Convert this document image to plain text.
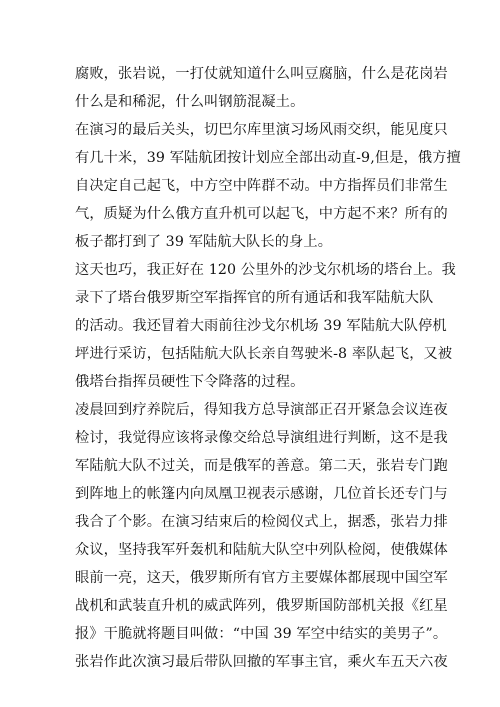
腐败，张岩说，一打仗就知道什么叫豆腐脑，什么是花岗岩
什么是和稀泥，什么叫钢筋混凝土。
在演习的最后关头，切巴尔库里演习场风雨交织，能见度只
有几十米，39 军陆航团按计划应全部出动直-9,但是，俄方擅
自决定自己起飞，中方空中阵群不动。中方指挥员们非常生
气，质疑为什么俄方直升机可以起飞，中方起不来？所有的
板子都打到了 39 军陆航大队长的身上。
这天也巧，我正好在 120 公里外的沙戈尔机场的塔台上。我
录下了塔台俄罗斯空军指挥官的所有通话和我军陆航大队
的活动。我还冒着大雨前往沙戈尔机场 39 军陆航大队停机
坪进行采访，包括陆航大队长亲自驾驶米-8 率队起飞，又被
俄塔台指挥员硬性下令降落的过程。
凌晨回到疗养院后，得知我方总导演部正召开紧急会议连夜
检讨，我觉得应该将录像交给总导演组进行判断，这不是我
军陆航大队不过关，而是俄军的善意。第二天，张岩专门跑
到阵地上的帐篷内向凤凰卫视表示感谢，几位首长还专门与
我合了个影。在演习结束后的检阅仪式上，据悉，张岩力排
众议，坚持我军歼轰机和陆航大队空中列队检阅，使俄媒体
眼前一亮，这天，俄罗斯所有官方主要媒体都展现中国空军
战机和武装直升机的威武阵列，俄罗斯国防部机关报《红星
报》干脆就将题目叫做：“中国 39 军空中结实的美男子”。
张岩作此次演习最后带队回撤的军事主官，乘火车五天六夜
